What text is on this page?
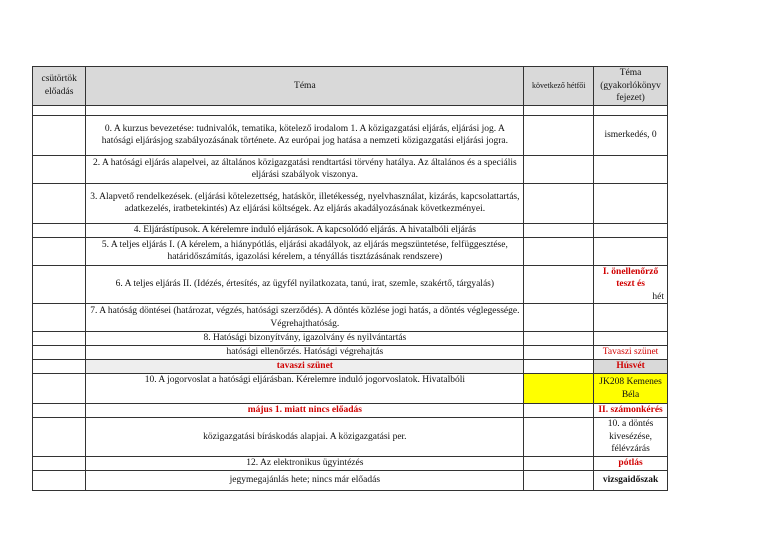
csütörtök előadás	Téma	következő hétfői	Téma (gyakorlókönyv fejezet)

	0. A kurzus bevezetése: tudnivalók, tematika, kötelező irodalom 1. A közigazgatási eljárás, eljárási jog. A hatósági eljárásjog szabályozásának története. Az európai jog hatása a nemzeti közigazgatási eljárási jogra.		ismerkedés, 0
	2. A hatósági eljárás alapelvei, az általános közigazgatási rendtartási törvény hatálya. Az általános és a speciális eljárási szabályok viszonya.		
	3. Alapvető rendelkezések. (eljárási kötelezettség, hatáskör, illetékesség, nyelvhasználat, kizárás, kapcsolattartás, adatkezelés, iratbetekintés) Az eljárási költségek. Az eljárás akadályozásának következményei.		
	4. Eljárástípusok. A kérelemre induló eljárások. A kapcsolódó eljárás. A hivatalbóli eljárás		
	5. A teljes eljárás I. (A kérelem, a hiánypótlás, eljárási akadályok, az eljárás megszüntetése, felfüggesztése, határidőszámítás, igazolási kérelem, a tényállás tisztázásának rendszere)		
	6. A teljes eljárás II. (Idézés, értesítés, az ügyfél nyilatkozata, tanú, irat, szemle, szakértő, tárgyalás)		I. önellenőrző teszt és
hét

	7. A hatóság döntései (határozat, végzés, hatósági szerződés). A döntés közlése jogi hatás, a döntés véglegessége. Végrehajthatóság.		
	8. Hatósági bizonyítvány, igazolvány és nyilvántartás		
	hatósági ellenőrzés. Hatósági végrehajtás		Tavaszi szünet
	tavaszi szünet		Húsvét
	10. A jogorvoslat a hatósági eljárásban. Kérelemre induló jogorvoslatok. Hivatalbóli		JK208 Kemenes Béla
	május 1. miatt nincs előadás		II. számonkérés
	közigazgatási bíráskodás alapjai. A közigazgatási per.		10. a döntés kivesézése, félévzárás
	12. Az elektronikus ügyintézés		pótlás
	jegymegajánlás hete; nincs már előadás		vizsgaidőszak
